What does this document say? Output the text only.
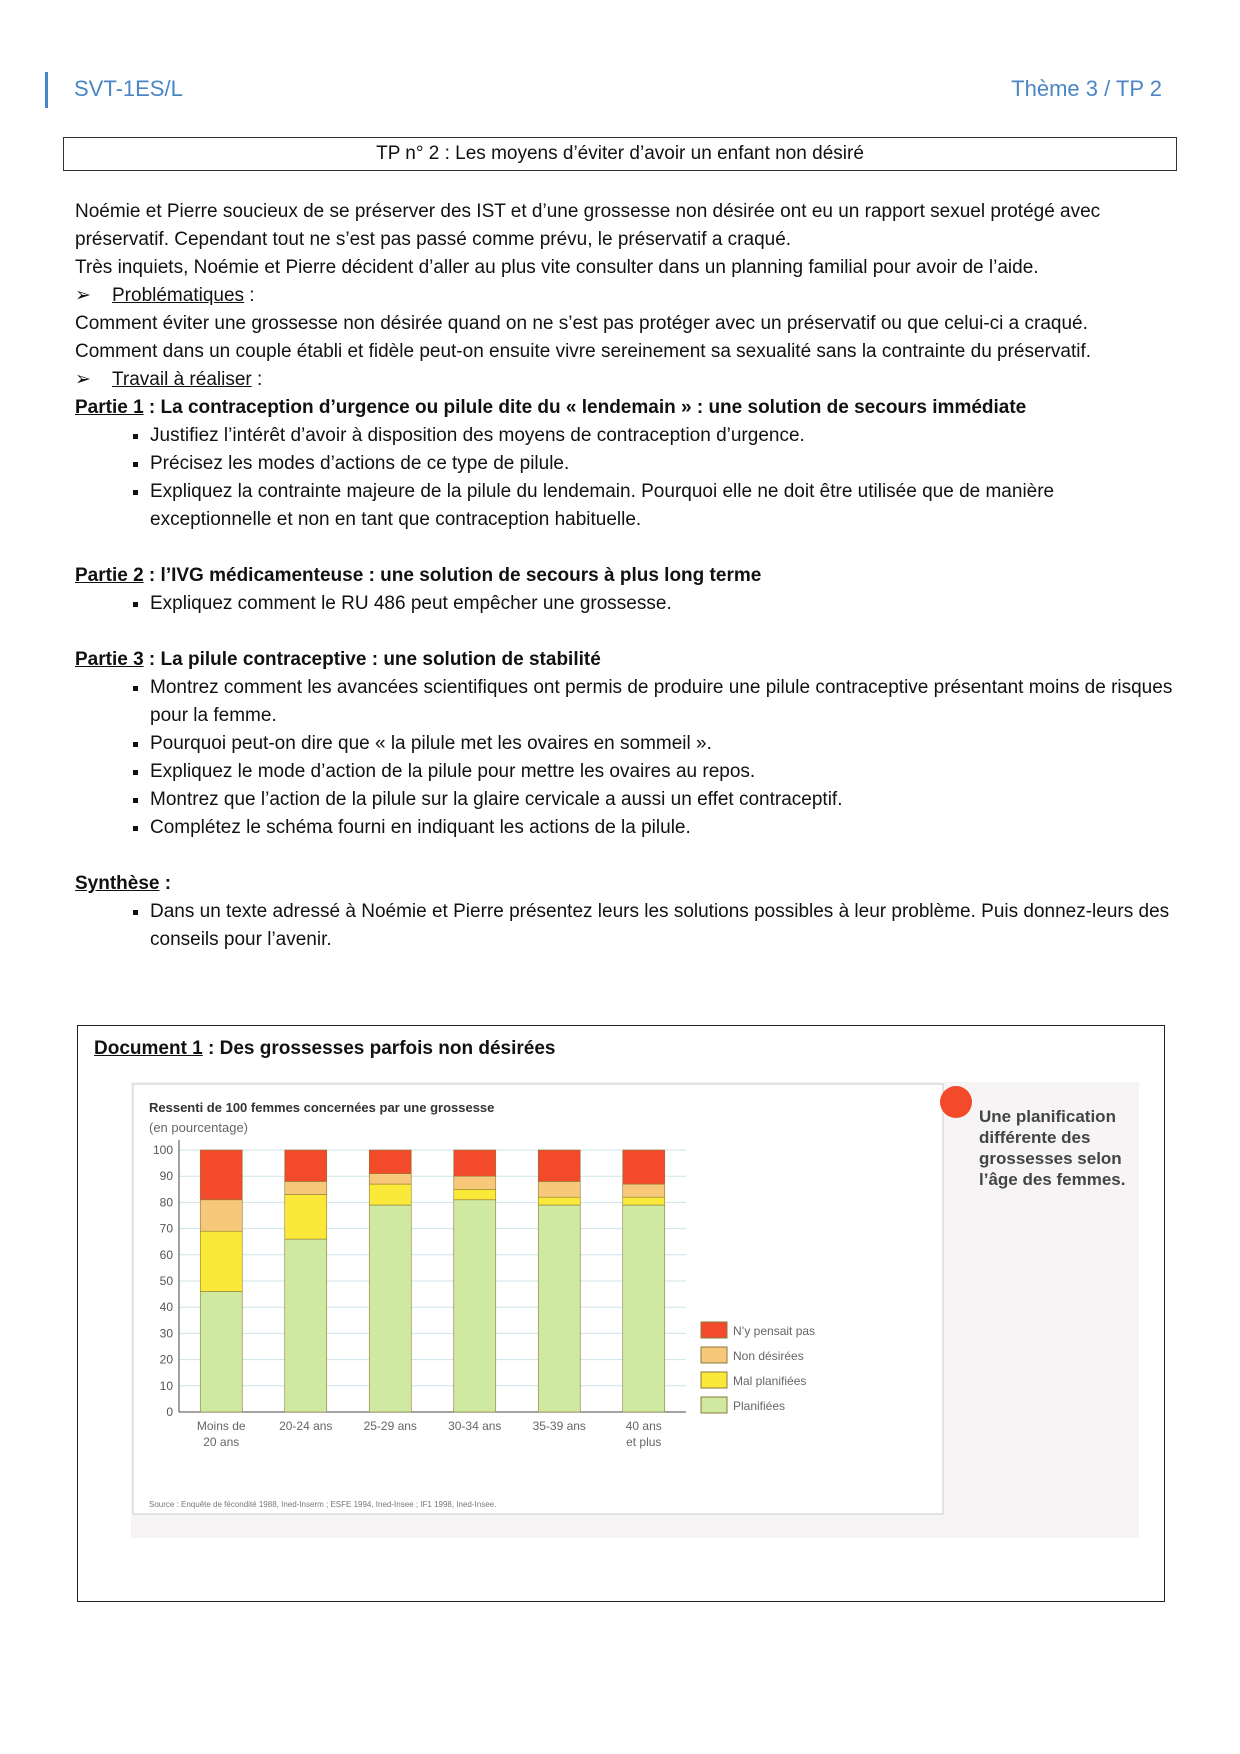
SVT-1ES/L	Thème 3 / TP 2
TP n° 2 : Les moyens d’éviter d’avoir un enfant non désiré

Noémie et Pierre soucieux de se préserver des IST et d’une grossesse non désirée ont eu un rapport sexuel protégé avec préservatif. Cependant tout ne s’est pas passé comme prévu, le préservatif a craqué.

Très inquiets, Noémie et Pierre décident d’aller au plus vite consulter dans un planning familial pour avoir de l’aide.

➢ Problématiques :

Comment éviter une grossesse non désirée quand on ne s’est pas protéger avec un préservatif ou que celui-ci a craqué.

Comment dans un couple établi et fidèle peut-on ensuite vivre sereinement sa sexualité sans la contrainte du préservatif.

➢ Travail à réaliser :

Partie 1 : La contraception d’urgence ou pilule dite du « lendemain » : une solution de secours immédiate

▪ Justifiez l’intérêt d’avoir à disposition des moyens de contraception d’urgence.
▪ Précisez les modes d’actions de ce type de pilule.
▪ Expliquez la contrainte majeure de la pilule du lendemain. Pourquoi elle ne doit être utilisée que de manière exceptionnelle et non en tant que contraception habituelle.

Partie 2 : l’IVG médicamenteuse : une solution de secours à plus long terme

▪ Expliquez comment le RU 486 peut empêcher une grossesse.

Partie 3 : La pilule contraceptive : une solution de stabilité

▪ Montrez comment les avancées scientifiques ont permis de produire une pilule contraceptive présentant moins de risques pour la femme.
▪ Pourquoi peut-on dire que « la pilule met les ovaires en sommeil ».
▪ Expliquez le mode d’action de la pilule pour mettre les ovaires au repos.
▪ Montrez que l’action de la pilule sur la glaire cervicale a aussi un effet contraceptif.
▪ Complétez le schéma fourni en indiquant les actions de la pilule.

Synthèse :

▪ Dans un texte adressé à Noémie et Pierre présentez leurs les solutions possibles à leur problème. Puis donnez-leurs des conseils pour l’avenir.
Document 1 : Des grossesses parfois non désirées
Ressenti de 100 femmes concernées par une grossesse
(en pourcentage)
Source : Enquête de fécondité 1988, Ined-Inserm ; ESFE 1994, Ined-Insee ; IF1 1998, Ined-Insee.
Une planification différente des grossesses selon l’âge des femmes.
0
10
20
30
40
50
60
70
80
90
100
Moins de
20 ans
20-24 ans	25-29 ans	30-34 ans	35-39 ans	40 ans
et plus
N’y pensait pas
Non désirées
Mal planifiées
Planifiées
